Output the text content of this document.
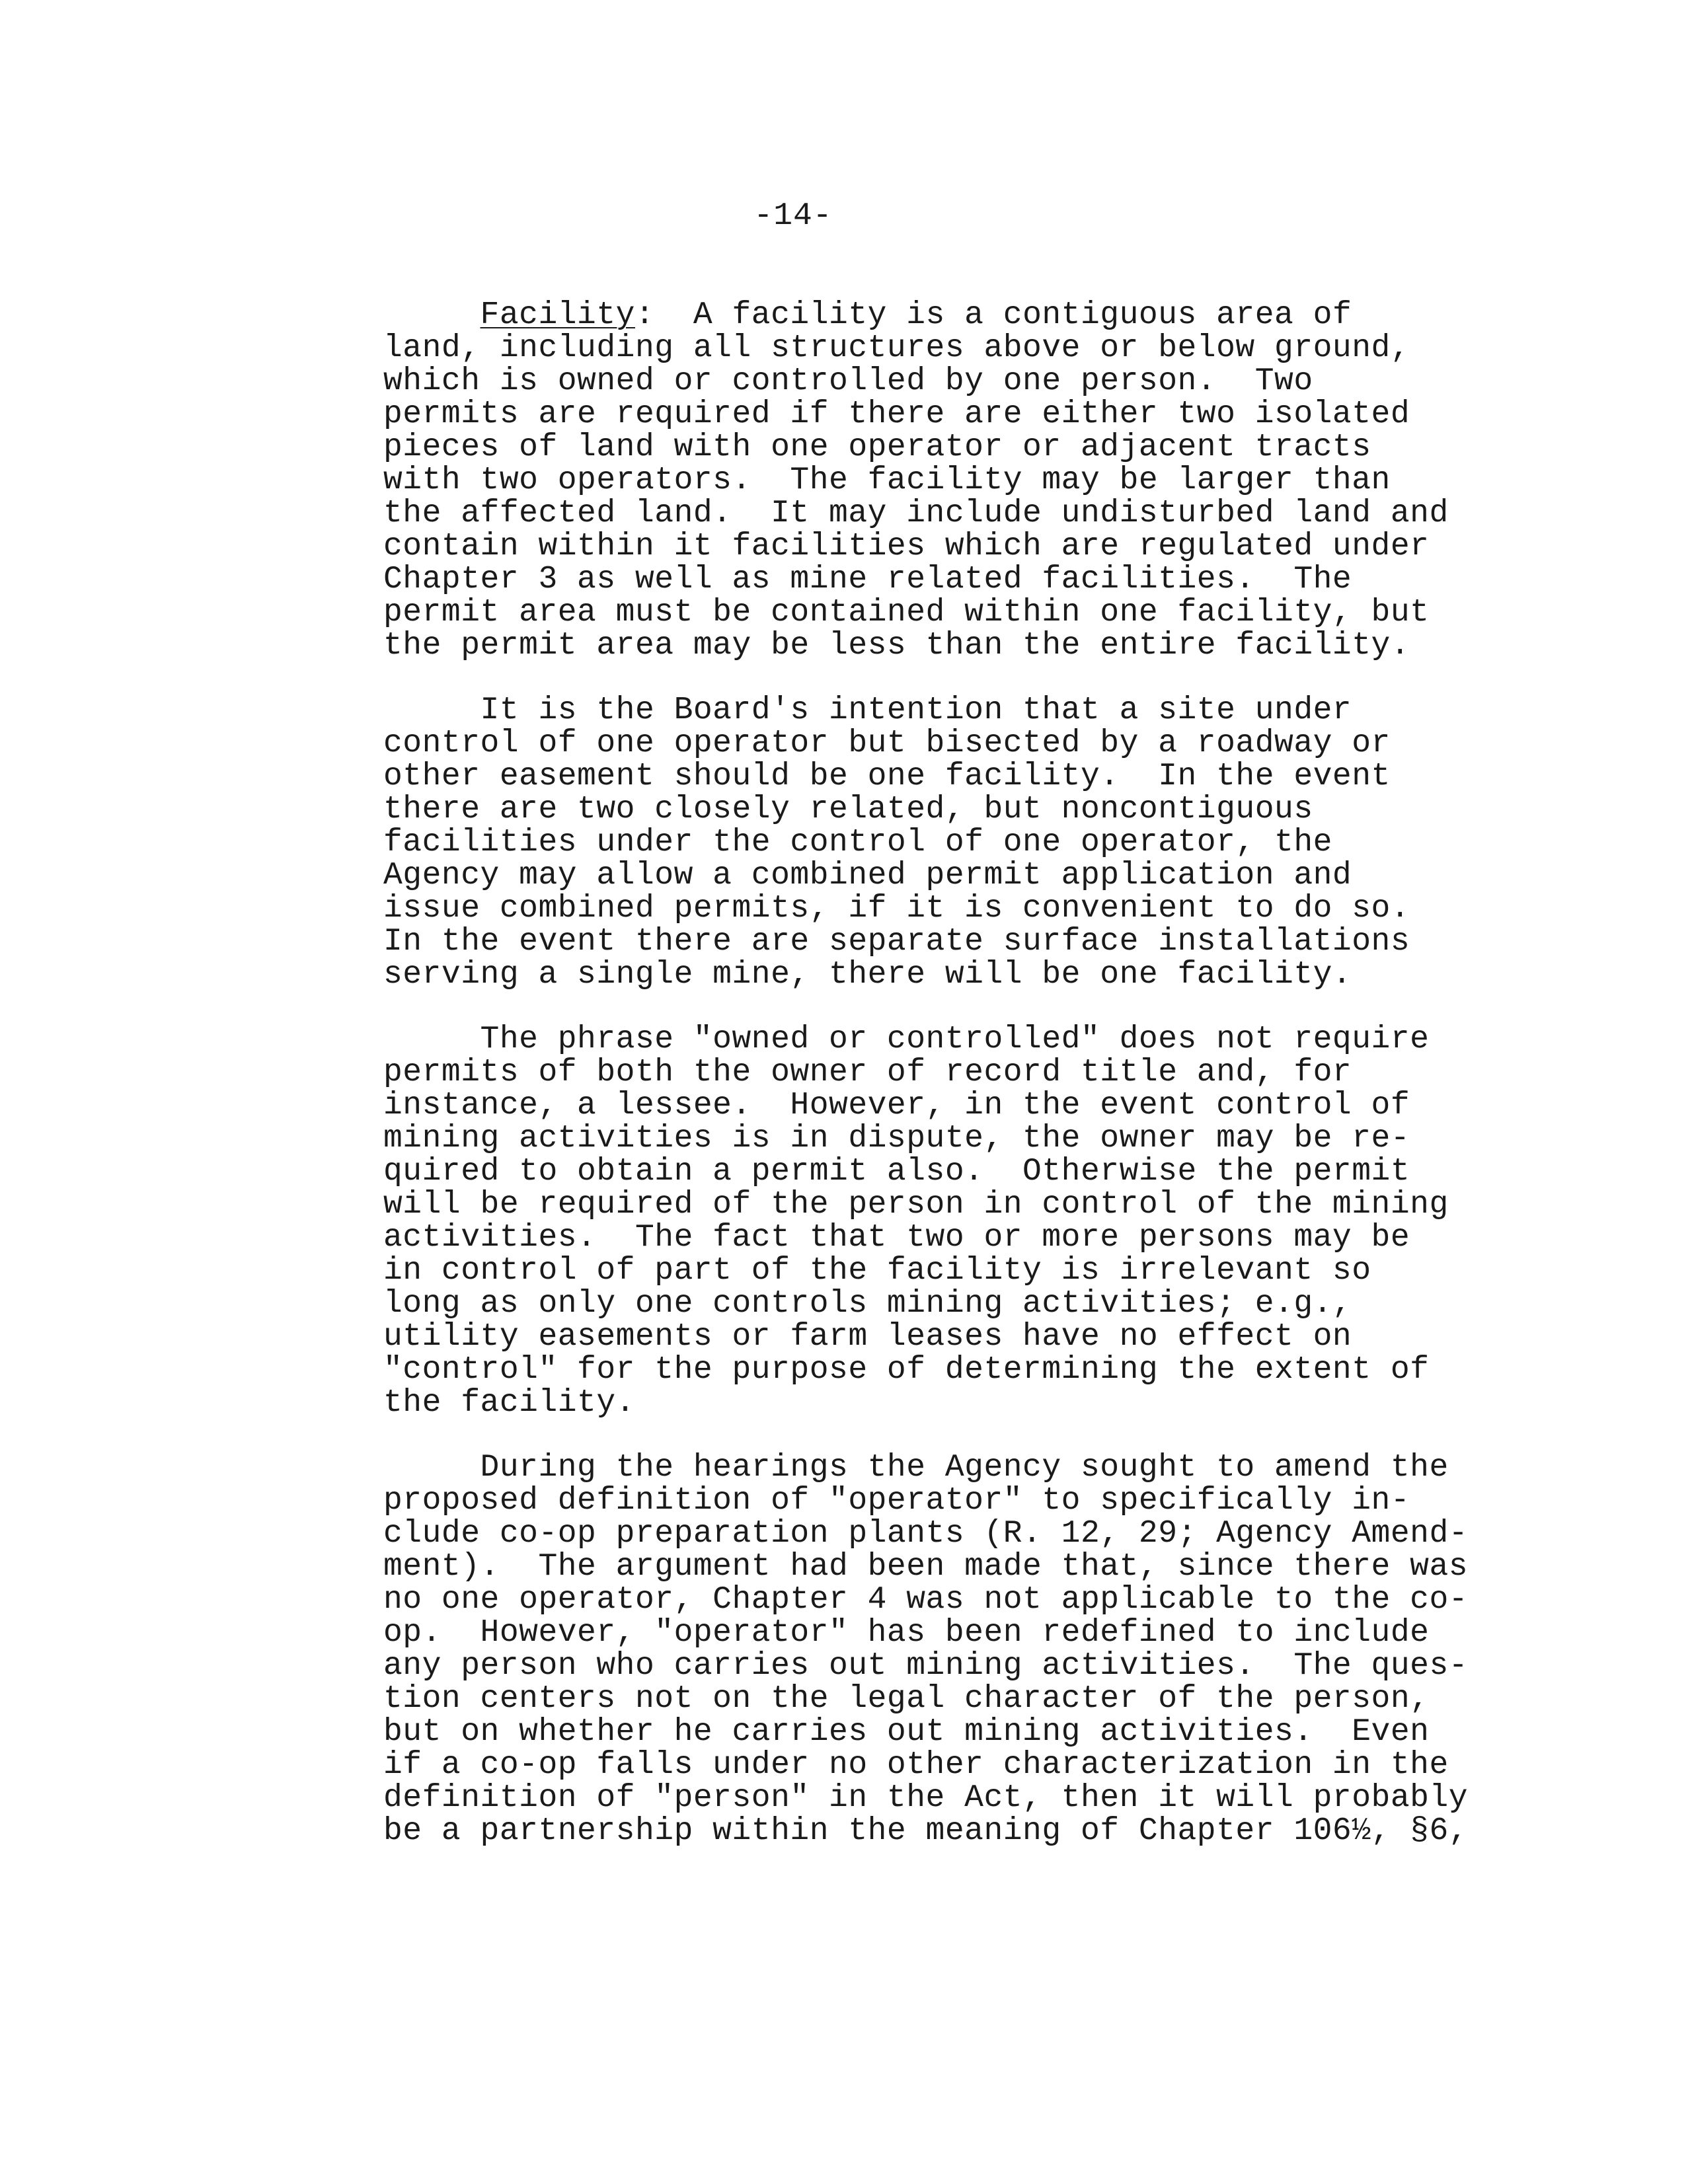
-14-
Facility:  A facility is a contiguous area of
land, including all structures above or below ground,
which is owned or controlled by one person.  Two
permits are required if there are either two isolated
pieces of land with one operator or adjacent tracts
with two operators.  The facility may be larger than
the affected land.  It may include undisturbed land and
contain within it facilities which are regulated under
Chapter 3 as well as mine related facilities.  The
permit area must be contained within one facility, but
the permit area may be less than the entire facility.
It is the Board's intention that a site under
control of one operator but bisected by a roadway or
other easement should be one facility.  In the event
there are two closely related, but noncontiguous
facilities under the control of one operator, the
Agency may allow a combined permit application and
issue combined permits, if it is convenient to do so.
In the event there are separate surface installations
serving a single mine, there will be one facility.
The phrase "owned or controlled" does not require
permits of both the owner of record title and, for
instance, a lessee.  However, in the event control of
mining activities is in dispute, the owner may be re-
quired to obtain a permit also.  Otherwise the permit
will be required of the person in control of the mining
activities.  The fact that two or more persons may be
in control of part of the facility is irrelevant so
long as only one controls mining activities; e.g.,
utility easements or farm leases have no effect on
"control" for the purpose of determining the extent of
the facility.
During the hearings the Agency sought to amend the
proposed definition of "operator" to specifically in-
clude co-op preparation plants (R. 12, 29; Agency Amend-
ment).  The argument had been made that, since there was
no one operator, Chapter 4 was not applicable to the co-
op.  However, "operator" has been redefined to include
any person who carries out mining activities.  The ques-
tion centers not on the legal character of the person,
but on whether he carries out mining activities.  Even
if a co-op falls under no other characterization in the
definition of "person" in the Act, then it will probably
be a partnership within the meaning of Chapter 106½, §6,
